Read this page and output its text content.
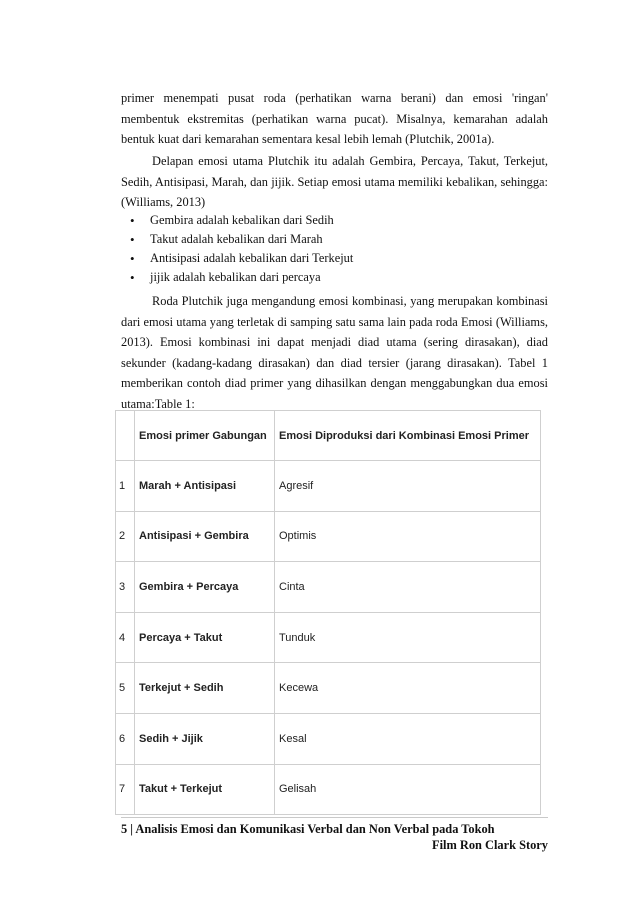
primer menempati pusat roda (perhatikan warna berani) dan emosi 'ringan' membentuk ekstremitas (perhatikan warna pucat). Misalnya, kemarahan adalah bentuk kuat dari kemarahan sementara kesal lebih lemah (Plutchik, 2001a).

Delapan emosi utama Plutchik itu adalah Gembira, Percaya, Takut, Terkejut, Sedih, Antisipasi, Marah, dan jijik. Setiap emosi utama memiliki kebalikan, sehingga: (Williams, 2013)

• Gembira adalah kebalikan dari Sedih
• Takut adalah kebalikan dari Marah
• Antisipasi adalah kebalikan dari Terkejut
• jijik adalah kebalikan dari percaya

Roda Plutchik juga mengandung emosi kombinasi, yang merupakan kombinasi dari emosi utama yang terletak di samping satu sama lain pada roda Emosi (Williams, 2013). Emosi kombinasi ini dapat menjadi diad utama (sering dirasakan), diad sekunder (kadang-kadang dirasakan) dan diad tersier (jarang dirasakan). Tabel 1 memberikan contoh diad primer yang dihasilkan dengan menggabungkan dua emosi utama:Table 1:

	Emosi primer Gabungan	Emosi Diproduksi dari Kombinasi Emosi Primer
1	Marah + Antisipasi	Agresif
2	Antisipasi + Gembira	Optimis
3	Gembira + Percaya	Cinta
4	Percaya + Takut	Tunduk
5	Terkejut + Sedih	Kecewa
6	Sedih + Jijik	Kesal
7	Takut + Terkejut	Gelisah
5 | Analisis Emosi dan Komunikasi Verbal dan Non Verbal pada Tokoh
Film Ron Clark Story
